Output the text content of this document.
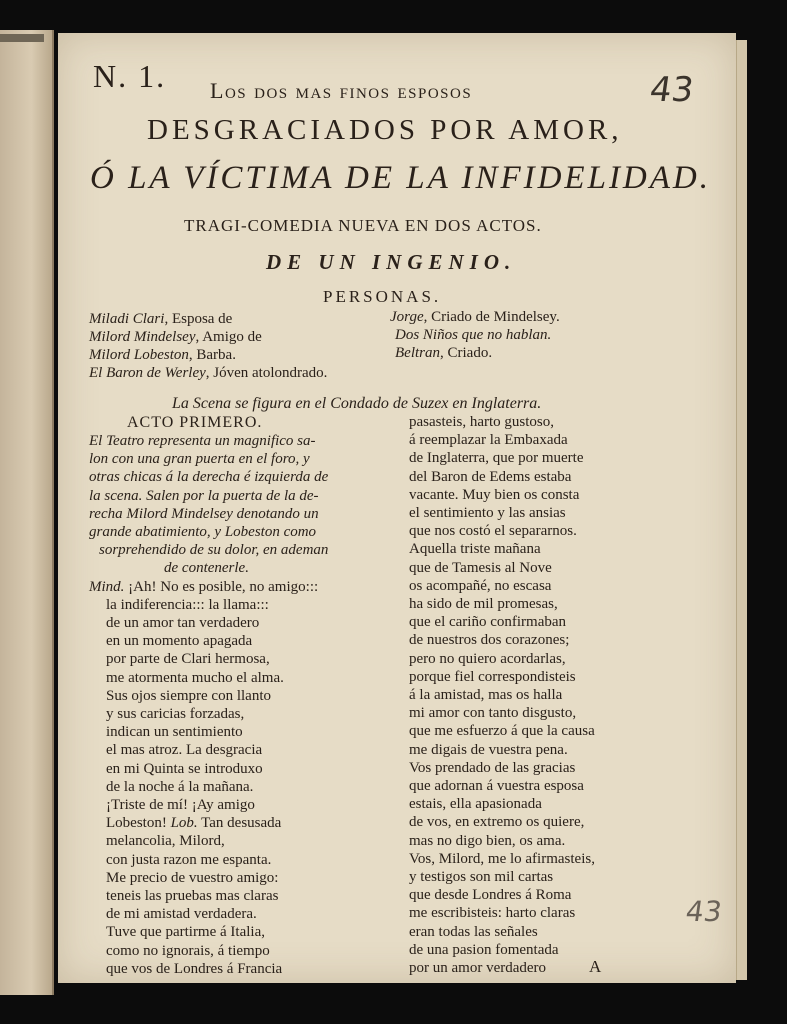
N. 1.	43
43
Los dos mas finos esposos
DESGRACIADOS POR AMOR,
Ó LA VÍCTIMA DE LA INFIDELIDAD.
TRAGI-COMEDIA NUEVA EN DOS ACTOS.
DE UN INGENIO.
PERSONAS.
Miladi Clari, Esposa de
Milord Mindelsey, Amigo de
Milord Lobeston, Barba.
El Baron de Werley, Jóven atolondrado.
Jorge, Criado de Mindelsey.
Dos Niños que no hablan.
Beltran, Criado.
La Scena se figura en el Condado de Suzex en Inglaterra.
ACTO PRIMERO.
El Teatro representa un magnifico sa-
lon con una gran puerta en el foro, y
otras chicas á la derecha é izquierda de
la scena. Salen por la puerta de la de-
recha Milord Mindelsey denotando un
grande abatimiento, y Lobeston como
sorprehendido de su dolor, en ademan
de contenerle.
Mind. ¡Ah! No es posible, no amigo:::
la indiferencia::: la llama:::
de un amor tan verdadero
en un momento apagada
por parte de Clari hermosa,
me atormenta mucho el alma.
Sus ojos siempre con llanto
y sus caricias forzadas,
indican un sentimiento
el mas atroz. La desgracia
en mi Quinta se introduxo
de la noche á la mañana.
¡Triste de mí! ¡Ay amigo
Lobeston! Lob. Tan desusada
melancolia, Milord,
con justa razon me espanta.
Me precio de vuestro amigo:
teneis las pruebas mas claras
de mi amistad verdadera.
Tuve que partirme á Italia,
como no ignorais, á tiempo
que vos de Londres á Francia
pasasteis, harto gustoso,
á reemplazar la Embaxada
de Inglaterra, que por muerte
del Baron de Edems estaba
vacante. Muy bien os consta
el sentimiento y las ansias
que nos costó el separarnos.
Aquella triste mañana
que de Tamesis al Nove
os acompañé, no escasa
ha sido de mil promesas,
que el cariño confirmaban
de nuestros dos corazones;
pero no quiero acordarlas,
porque fiel correspondisteis
á la amistad, mas os halla
mi amor con tanto disgusto,
que me esfuerzo á que la causa
me digais de vuestra pena.
Vos prendado de las gracias
que adornan á vuestra esposa
estais, ella apasionada
de vos, en extremo os quiere,
mas no digo bien, os ama.
Vos, Milord, me lo afirmasteis,
y testigos son mil cartas
que desde Londres á Roma
me escribisteis: harto claras
eran todas las señales
de una pasion fomentada
por un amor verdadero	A
